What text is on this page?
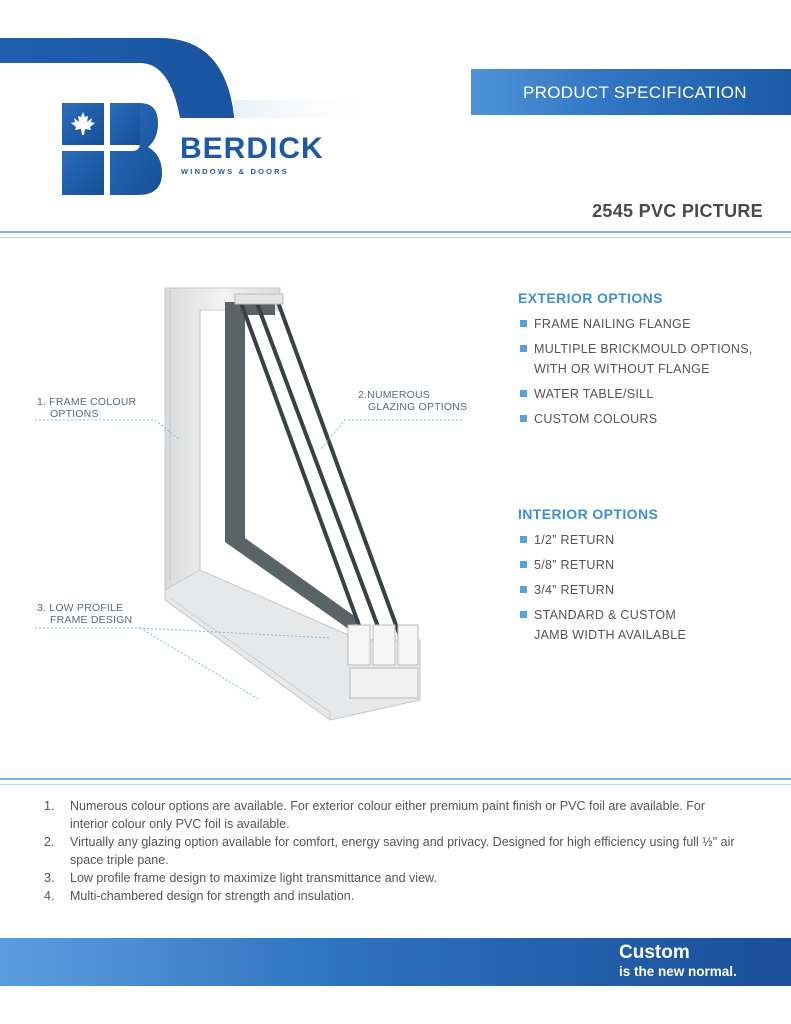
BERDICK
WINDOWS & DOORS
PRODUCT SPECIFICATION
2545 PVC PICTURE
1. FRAME COLOUR
OPTIONS
2.NUMEROUS
GLAZING OPTIONS
3. LOW PROFILE
FRAME DESIGN
EXTERIOR OPTIONS
FRAME NAILING FLANGE
MULTIPLE BRICKMOULD OPTIONS,
WITH OR WITHOUT FLANGE
WATER TABLE/SILL
CUSTOM COLOURS
INTERIOR OPTIONS
1/2” RETURN
5/8” RETURN
3/4” RETURN
STANDARD & CUSTOM
JAMB WIDTH AVAILABLE
1. Numerous colour options are available. For exterior colour either premium paint finish or PVC foil are available. For interior colour only PVC foil is available.
2. Virtually any glazing option available for comfort, energy saving and privacy. Designed for high efficiency using full ½" air space triple pane.
3. Low profile frame design to maximize light transmittance and view.
4. Multi-chambered design for strength and insulation.
Custom
is the new normal.
